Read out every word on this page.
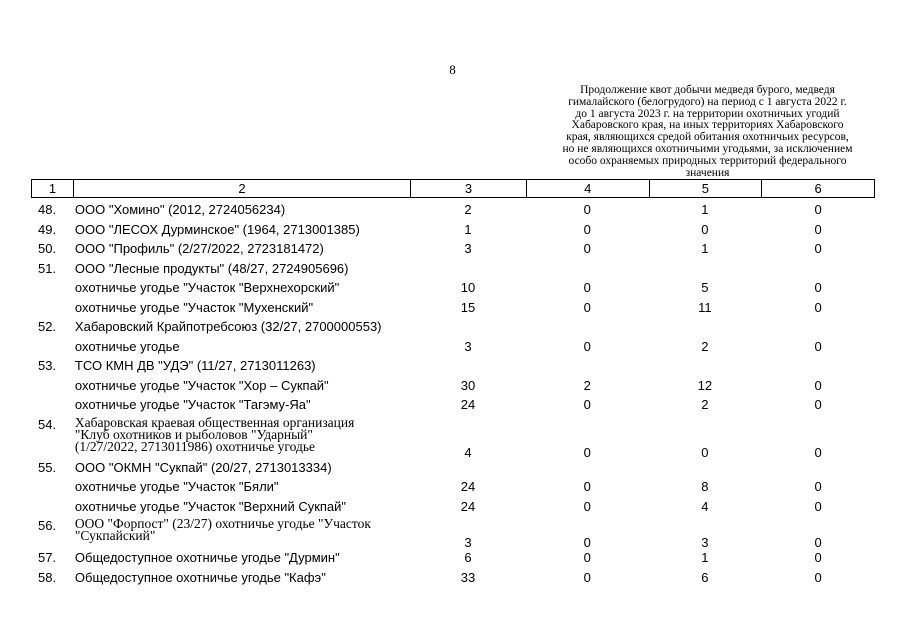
8
Продолжение квот добычи медведя бурого, медведя
гималайского (белогрудого) на период с 1 августа 2022 г.
до 1 августа 2023 г. на территории охотничьих угодий
Хабаровского края, на иных территориях Хабаровского
края, являющихся средой обитания охотничьих ресурсов,
но не являющихся охотничьими угодьями, за исключением
особо охраняемых природных территорий федерального
значения
1	2	3	4	5	6
48.	ООО "Хомино" (2012, 2724056234)	2	0	1	0
49.	ООО "ЛЕСОХ Дурминское" (1964, 2713001385)	1	0	0	0
50.	ООО "Профиль" (2/27/2022, 2723181472)	3	0	1	0
51.	ООО "Лесные продукты" (48/27, 2724905696)
охотничье угодье "Участок "Верхнехорский"	10	0	5	0
охотничье угодье "Участок "Мухенский"	15	0	11	0
52.	Хабаровский Крайпотребсоюз (32/27, 2700000553)
охотничье угодье	3	0	2	0
53.	ТСО КМН ДВ "УДЭ" (11/27, 2713011263)
охотничье угодье "Участок "Хор – Сукпай"	30	2	12	0
охотничье угодье "Участок "Тагэму-Яа"	24	0	2	0
54.	Хабаровская краевая общественная организация
"Клуб охотников и рыболовов "Ударный"
(1/27/2022, 2713011986) охотничье угодье	4	0	0	0
55.	ООО "ОКМН "Сукпай" (20/27, 2713013334)
охотничье угодье "Участок "Бяли"	24	0	8	0
охотничье угодье "Участок "Верхний Сукпай"	24	0	4	0
56.	ООО "Форпост" (23/27) охотничье угодье "Участок
"Сукпайский"	3	0	3	0
57.	Общедоступное охотничье угодье "Дурмин"	6	0	1	0
58.	Общедоступное охотничье угодье "Кафэ"	33	0	6	0
